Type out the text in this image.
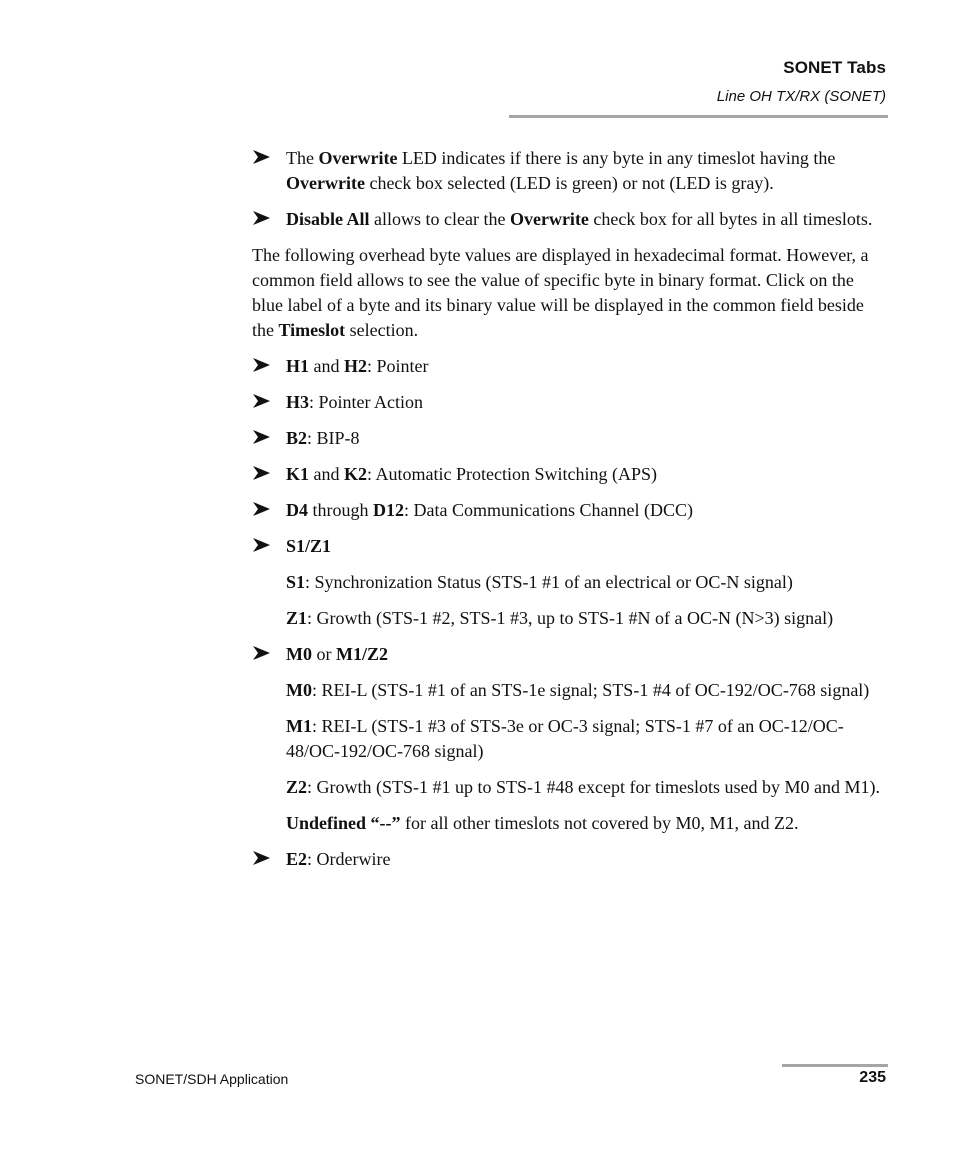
SONET Tabs
Line OH TX/RX (SONET)
The Overwrite LED indicates if there is any byte in any timeslot having the Overwrite check box selected (LED is green) or not (LED is gray).
Disable All allows to clear the Overwrite check box for all bytes in all timeslots.
The following overhead byte values are displayed in hexadecimal format. However, a common field allows to see the value of specific byte in binary format. Click on the blue label of a byte and its binary value will be displayed in the common field beside the Timeslot selection.
H1 and H2: Pointer
H3: Pointer Action
B2: BIP-8
K1 and K2: Automatic Protection Switching (APS)
D4 through D12: Data Communications Channel (DCC)
S1/Z1
S1: Synchronization Status (STS-1 #1 of an electrical or OC-N signal)
Z1: Growth (STS-1 #2, STS-1 #3, up to STS-1 #N of a OC-N (N>3) signal)
M0 or M1/Z2
M0: REI-L (STS-1 #1 of an STS-1e signal; STS-1 #4 of OC-192/OC-768 signal)
M1: REI-L (STS-1 #3 of STS-3e or OC-3 signal; STS-1 #7 of an OC-12/OC-48/OC-192/OC-768 signal)
Z2: Growth (STS-1 #1 up to STS-1 #48 except for timeslots used by M0 and M1).
Undefined “--” for all other timeslots not covered by M0, M1, and Z2.
E2: Orderwire
SONET/SDH Application	235
